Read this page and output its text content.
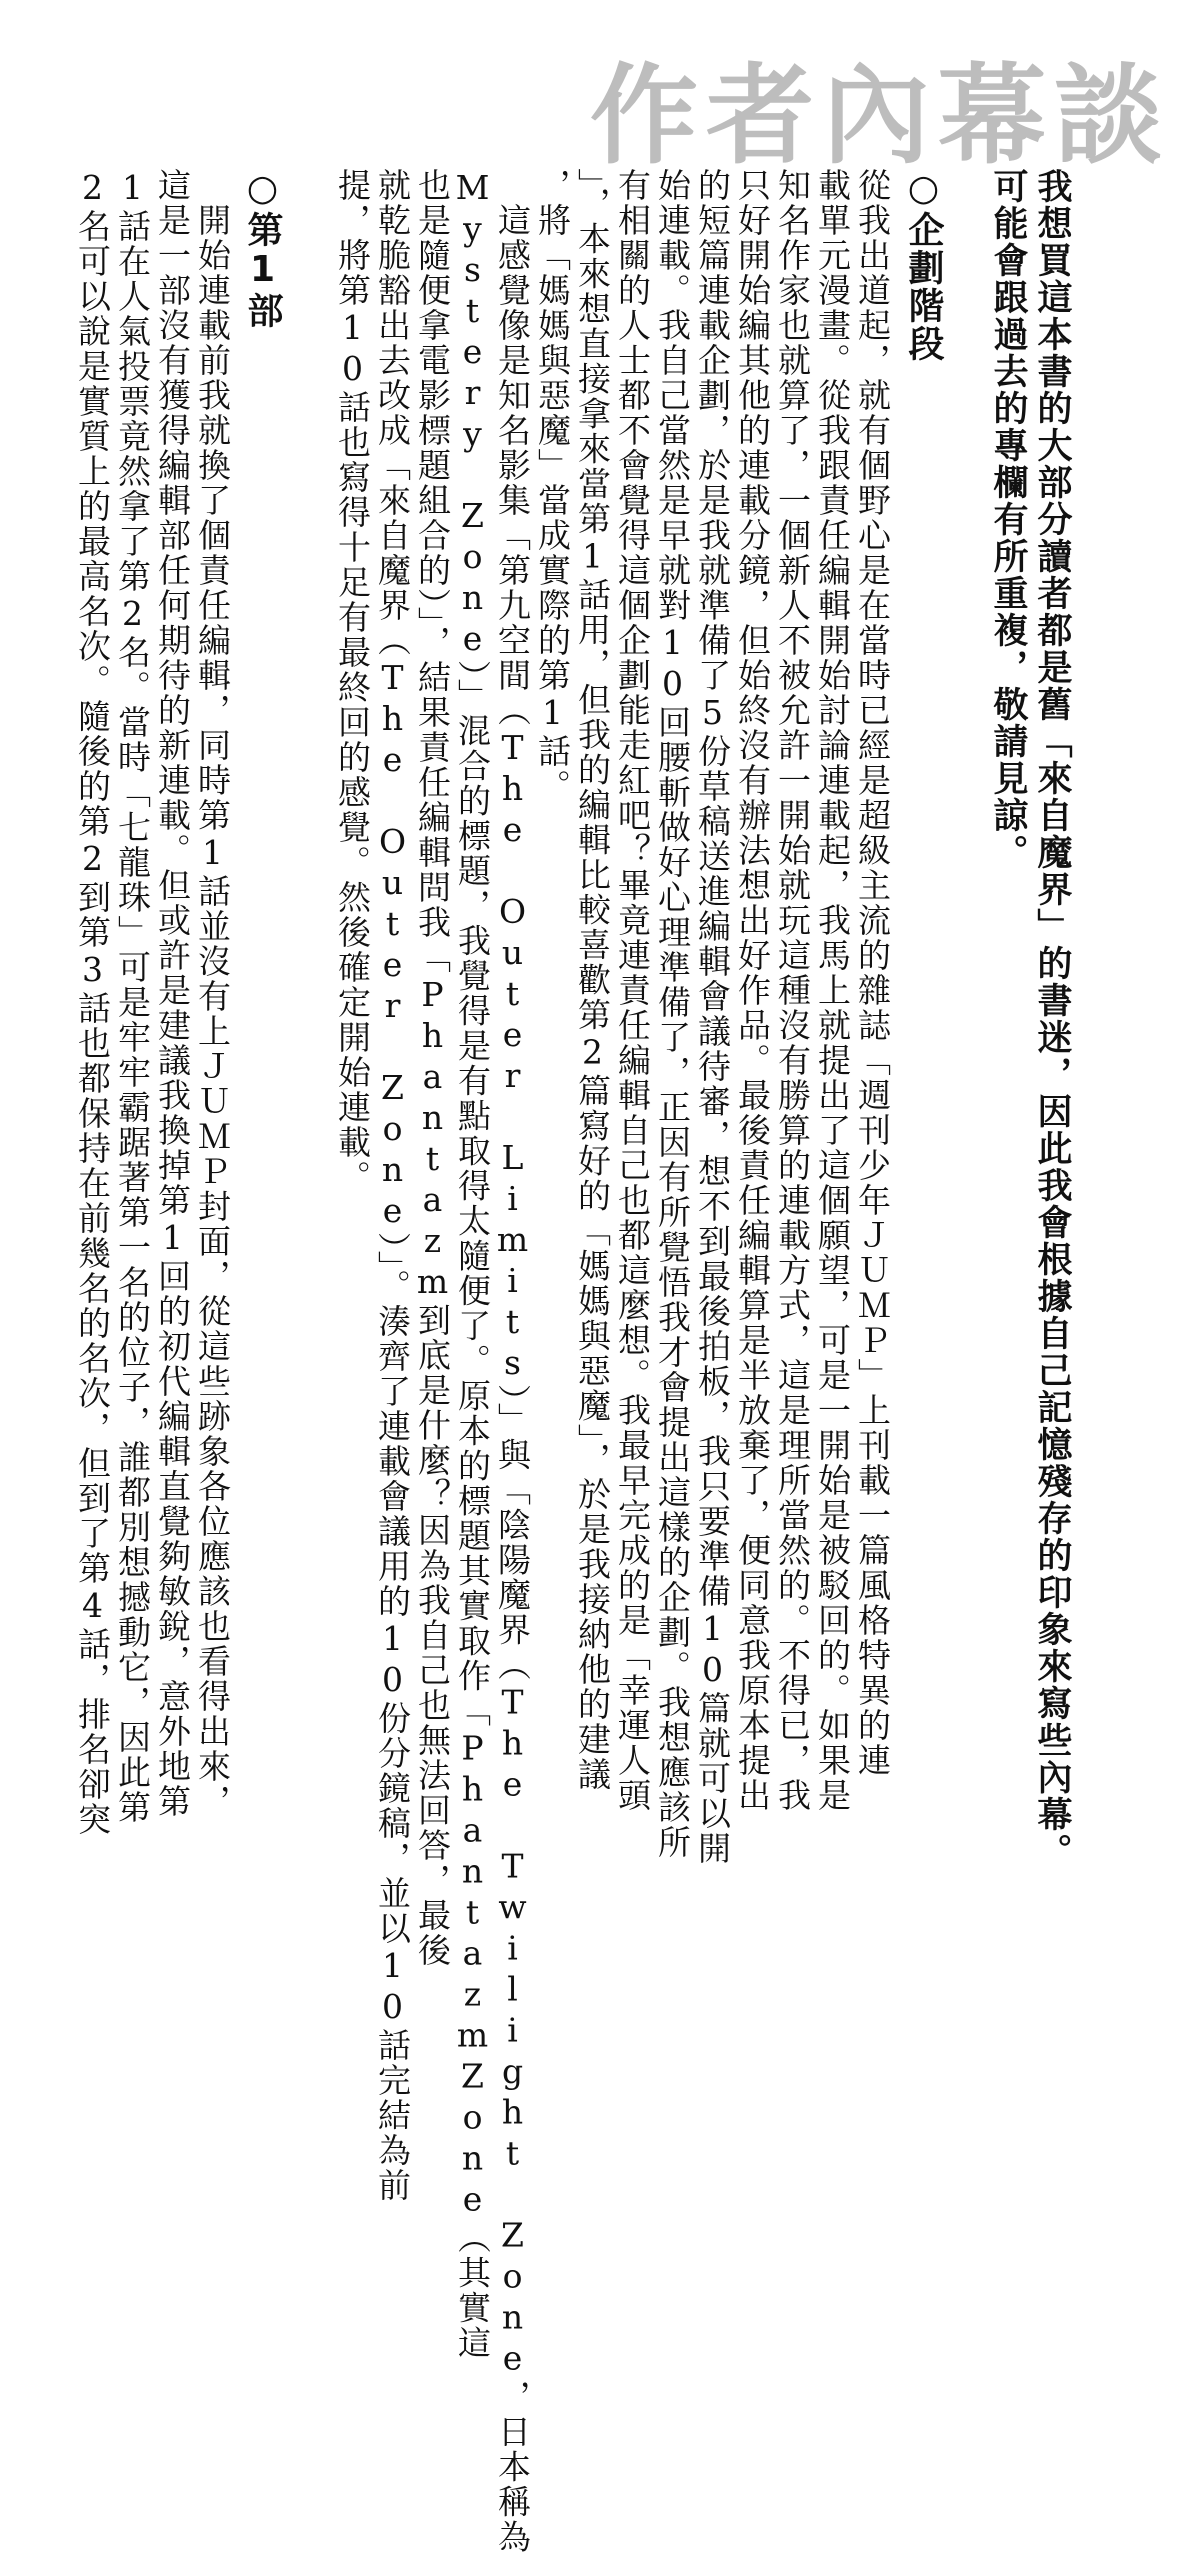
作者內幕談
我想買這本書的大部分讀者都是舊「來自魔界」的書迷，因此我會根據自己記憶殘存的印象來寫些內幕。
可能會跟過去的專欄有所重複，敬請見諒。
○企劃階段
從我出道起，就有個野心是在當時已經是超級主流的雜誌「週刊少年ＪＵＭＰ」上刊載一篇風格特異的連
載單元漫畫。從我跟責任編輯開始討論連載起，我馬上就提出了這個願望，可是一開始是被駁回的。如果是
知名作家也就算了，一個新人不被允許一開始就玩這種沒有勝算的連載方式，這是理所當然的。不得已，我
只好開始編其他的連載分鏡，但始終沒有辦法想出好作品。最後責任編輯算是半放棄了，便同意我原本提出
的短篇連載企劃，於是我就準備了5份草稿送進編輯會議待審，想不到最後拍板，我只要準備10篇就可以開
始連載。我自己當然是早就對10回腰斬做好心理準備了，正因有所覺悟我才會提出這樣的企劃。我想應該所
有相關的人士都不會覺得這個企劃能走紅吧？畢竟連責任編輯自己也都這麼想。我最早完成的是「幸運人頭
」，本來想直接拿來當第1話用，但我的編輯比較喜歡第2篇寫好的「媽媽與惡魔」，於是我接納他的建議
，將「媽媽與惡魔」當成實際的第1話。
　這感覺像是知名影集「第九空間（The Outer Limits）」與「陰陽魔界（The Twilight Zone，日本稱為
Mystery Zone）」混合的標題，我覺得是有點取得太隨便了。原本的標題其實取作「PhantazmZone（其實這
也是隨便拿電影標題組合的）」，結果責任編輯問我「Phantazm到底是什麼？因為我自己也無法回答，最後
就乾脆豁出去改成「來自魔界（The Outer Zone）」。湊齊了連載會議用的10份分鏡稿，並以10話完結為前
提，將第10話也寫得十足有最終回的感覺。然後確定開始連載。
○第1部
　開始連載前我就換了個責任編輯，同時第1話並沒有上ＪＵＭＰ封面，從這些跡象各位應該也看得出來，
這是一部沒有獲得編輯部任何期待的新連載。但或許是建議我換掉第1回的初代編輯直覺夠敏銳，意外地第
1話在人氣投票竟然拿了第2名。當時「七龍珠」可是牢牢霸踞著第一名的位子，誰都別想撼動它，因此第
2名可以說是實質上的最高名次。隨後的第2到第3話也都保持在前幾名的名次，但到了第4話，排名卻突
